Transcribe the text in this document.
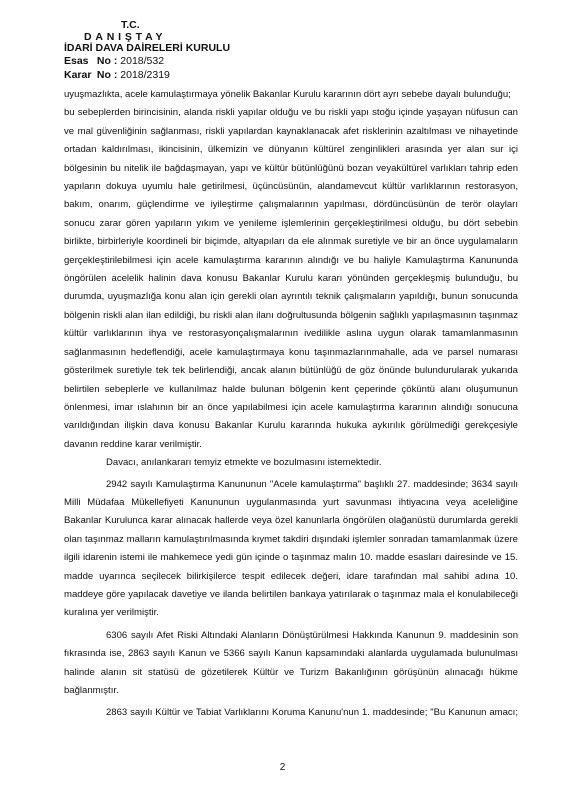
T.C.
DANIŞTAY
İDARİ DAVA DAİRELERİ KURULU
Esas No : 2018/532
Karar No : 2018/2319

uyuşmazlıkta, acele kamulaştırmaya yönelik Bakanlar Kurulu kararının dört ayrı sebebe dayalı bulunduğu;

bu sebeplerden birincisinin, alanda riskli yapılar olduğu ve bu riskli yapı stoğu içinde yaşayan nüfusun can ve mal güvenliğinin sağlanması, riskli yapılardan kaynaklanacak afet risklerinin azaltılması ve nihayetinde ortadan kaldırılması, ikincisinin, ülkemizin ve dünyanın kültürel zenginlikleri arasında yer alan sur içi bölgesinin bu nitelik ile bağdaşmayan, yapı ve kültür bütünlüğünü bozan veyakültürel varlıkları tahrip eden yapıların dokuya uyumlu hale getirilmesi, üçüncüsünün, alandamevcut kültür varlıklarının restorasyon, bakım, onarım, güçlendirme ve iyileştirme çalışmalarının yapılması, dördüncüsünün de terör olayları sonucu zarar gören yapıların yıkım ve yenileme işlemlerinin gerçekleştirilmesi olduğu, bu dört sebebin birlikte, birbirleriyle koordineli bir biçimde, altyapıları da ele alınmak suretiyle ve bir an önce uygulamaların gerçekleştirilebilmesi için acele kamulaştırma kararının alındığı ve bu haliyle Kamulaştırma Kanununda öngörülen acelelik halinin dava konusu Bakanlar Kurulu kararı yönünden gerçekleşmiş bulunduğu, bu durumda, uyuşmazlığa konu alan için gerekli olan ayrıntılı teknik çalışmaların yapıldığı, bunun sonucunda bölgenin riskli alan ilan edildiği, bu riskli alan ilanı doğrultusunda bölgenin sağlıklı yapılaşmasının taşınmaz kültür varlıklarının ihya ve restorasyonçalışmalarının ivedilikle aslına uygun olarak tamamlanmasının sağlanmasının hedeflendiği, acele kamulaştırmaya konu taşınmazlarınmahalle, ada ve parsel numarası gösterilmek suretiyle tek tek belirlendiği, ancak alanın bütünlüğü de göz önünde bulundurularak yukarıda belirtilen sebeplerle ve kullanılmaz halde bulunan bölgenin kent çeperinde çöküntü alanı oluşumunun önlenmesi, imar ıslahının bir an önce yapılabilmesi için acele kamulaştırma kararının alındığı sonucuna varıldığından ilişkin dava konusu Bakanlar Kurulu kararında hukuka aykırılık görülmediği gerekçesiyle davanın reddine karar verilmiştir.

Davacı, anılankararı temyiz etmekte ve bozulmasını istemektedir.

2942 sayılı Kamulaştırma Kanununun "Acele kamulaştırma" başlıklı 27. maddesinde; 3634 sayılı Milli Müdafaa Mükellefiyeti Kanununun uygulanmasında yurt savunması ihtiyacına veya aceleliğine Bakanlar Kurulunca karar alınacak hallerde veya özel kanunlarla öngörülen olağanüstü durumlarda gerekli olan taşınmaz malların kamulaştırılmasında kıymet takdiri dışındaki işlemler sonradan tamamlanmak üzere ilgili idarenin istemi ile mahkemece yedi gün içinde o taşınmaz malın 10. madde esasları dairesinde ve 15. madde uyarınca seçilecek bilirkişilerce tespit edilecek değeri, idare tarafından mal sahibi adına 10. maddeye göre yapılacak davetiye ve ilanda belirtilen bankaya yatırılarak o taşınmaz mala el konulabileceği kuralına yer verilmiştir.

6306 sayılı Afet Riski Altındaki Alanların Dönüştürülmesi Hakkında Kanunun 9. maddesinin son fıkrasında ise, 2863 sayılı Kanun ve 5366 sayılı Kanun kapsamındaki alanlarda uygulamada bulunulması halinde alanın sit statüsü de gözetilerek Kültür ve Turizm Bakanlığının görüşünün alınacağı hükme bağlanmıştır.

2863 sayılı Kültür ve Tabiat Varlıklarını Koruma Kanunu'nun 1. maddesinde; "Bu Kanunun amacı;

2
